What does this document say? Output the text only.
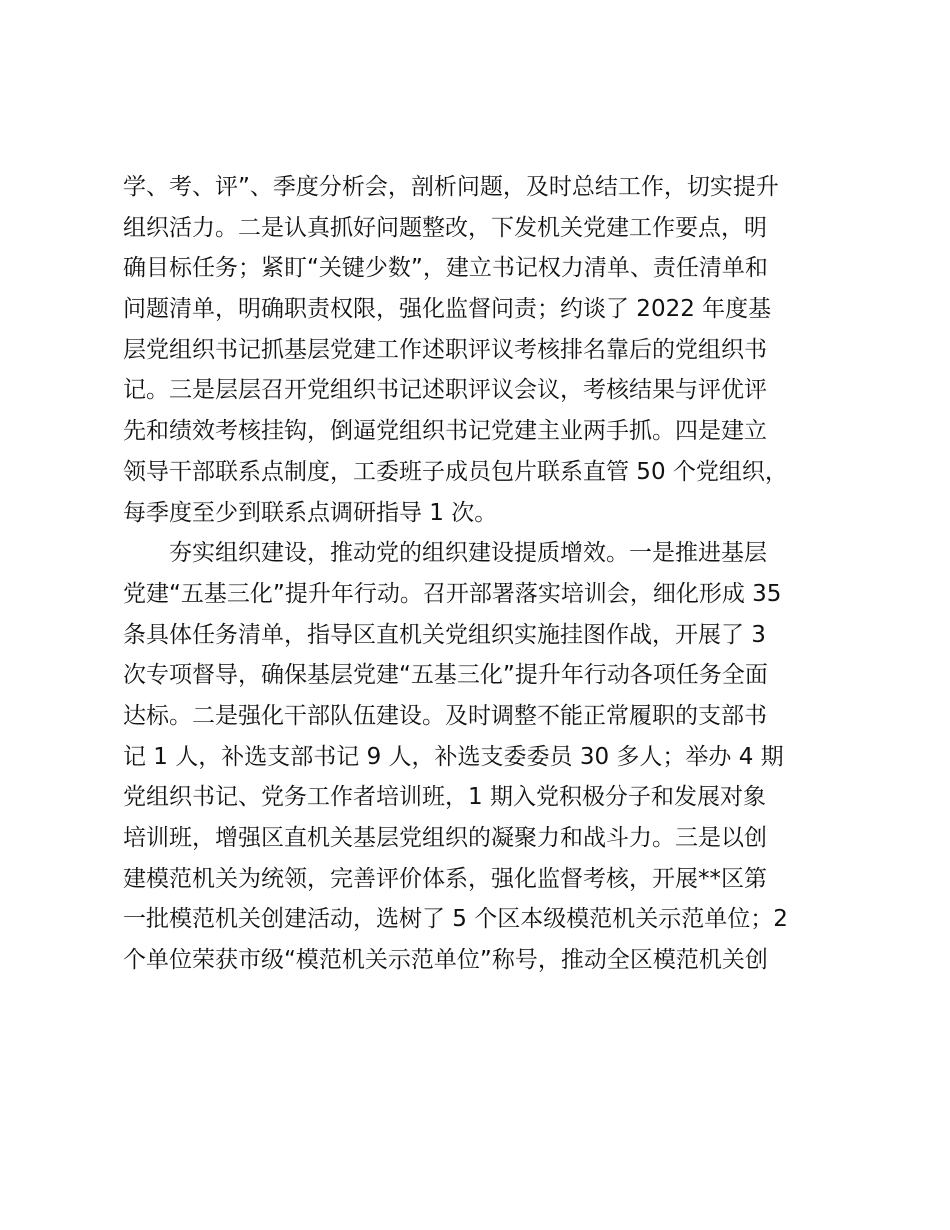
学、考、评”、季度分析会，剖析问题，及时总结工作，切实提升
组织活力。二是认真抓好问题整改，下发机关党建工作要点，明
确目标任务；紧盯“关键少数”，建立书记权力清单、责任清单和
问题清单，明确职责权限，强化监督问责；约谈了 2022 年度基
层党组织书记抓基层党建工作述职评议考核排名靠后的党组织书
记。三是层层召开党组织书记述职评议会议，考核结果与评优评
先和绩效考核挂钩，倒逼党组织书记党建主业两手抓。四是建立
领导干部联系点制度，工委班子成员包片联系直管 50 个党组织，
每季度至少到联系点调研指导 1 次。
夯实组织建设，推动党的组织建设提质增效。一是推进基层
党建“五基三化”提升年行动。召开部署落实培训会，细化形成 35
条具体任务清单，指导区直机关党组织实施挂图作战，开展了 3
次专项督导，确保基层党建“五基三化”提升年行动各项任务全面
达标。二是强化干部队伍建设。及时调整不能正常履职的支部书
记 1 人，补选支部书记 9 人，补选支委委员 30 多人；举办 4 期
党组织书记、党务工作者培训班，1 期入党积极分子和发展对象
培训班，增强区直机关基层党组织的凝聚力和战斗力。三是以创
建模范机关为统领，完善评价体系，强化监督考核，开展**区第
一批模范机关创建活动，选树了 5 个区本级模范机关示范单位；2
个单位荣获市级“模范机关示范单位”称号，推动全区模范机关创
